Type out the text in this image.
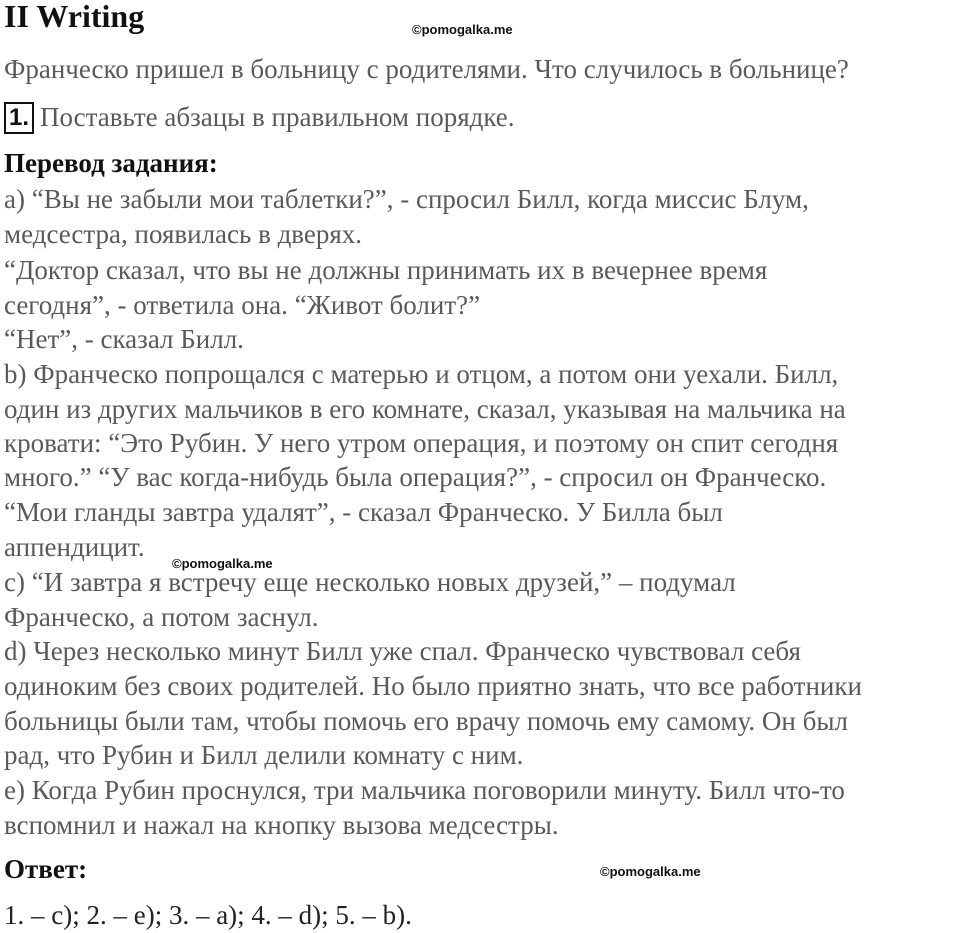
II Writing	©pomogalka.me
Франческо пришел в больницу с родителями. Что случилось в больнице?
1. Поставьте абзацы в правильном порядке.
Перевод задания:
а) “Вы не забыли мои таблетки?”, - спросил Билл, когда миссис Блум,
медсестра, появилась в дверях.
“Доктор сказал, что вы не должны принимать их в вечернее время
сегодня”, - ответила она. “Живот болит?”
“Нет”, - сказал Билл.
b) Франческо попрощался с матерью и отцом, а потом они уехали. Билл,
один из других мальчиков в его комнате, сказал, указывая на мальчика на
кровати: “Это Рубин. У него утром операция, и поэтому он спит сегодня
много.” “У вас когда-нибудь была операция?”, - спросил он Франческо.
“Мои гланды завтра удалят”, - сказал Франческо. У Билла был
аппендицит.
©pomogalka.me
с) “И завтра я встречу еще несколько новых друзей,” – подумал
Франческо, а потом заснул.
d) Через несколько минут Билл уже спал. Франческо чувствовал себя
одиноким без своих родителей. Но было приятно знать, что все работники
больницы были там, чтобы помочь его врачу помочь ему самому. Он был
рад, что Рубин и Билл делили комнату с ним.
е) Когда Рубин проснулся, три мальчика поговорили минуту. Билл что-то
вспомнил и нажал на кнопку вызова медсестры.
Ответ:	©pomogalka.me
1. – c); 2. – e); 3. – a); 4. – d); 5. – b).
